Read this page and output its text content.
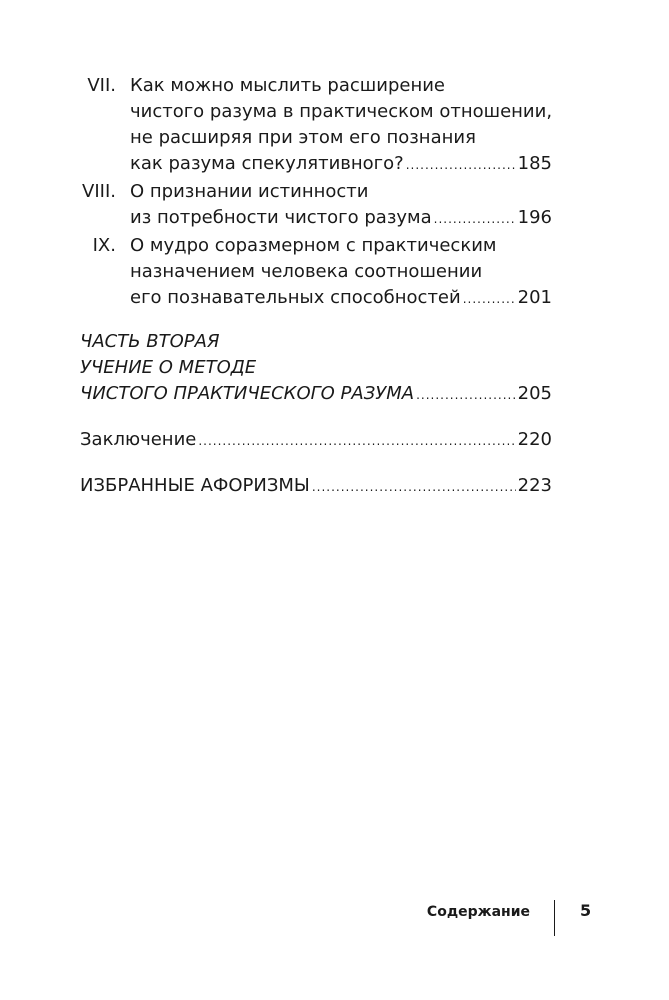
VII. Как можно мыслить расширение
чистого разума в практическом отношении,
не расширяя при этом его познания
как разума спекулятивного? .....	185
VIII. О признании истинности
из потребности чистого разума .....	196
IX. О мудро соразмерном с практическим
назначением человека соотношении
его познавательных способностей .....	201
ЧАСТЬ ВТОРАЯ
УЧЕНИЕ О МЕТОДЕ
ЧИСТОГО ПРАКТИЧЕСКОГО РАЗУМА .....	205
Заключение .....	220
ИЗБРАННЫЕ АФОРИЗМЫ .....	223
Содержание	5
